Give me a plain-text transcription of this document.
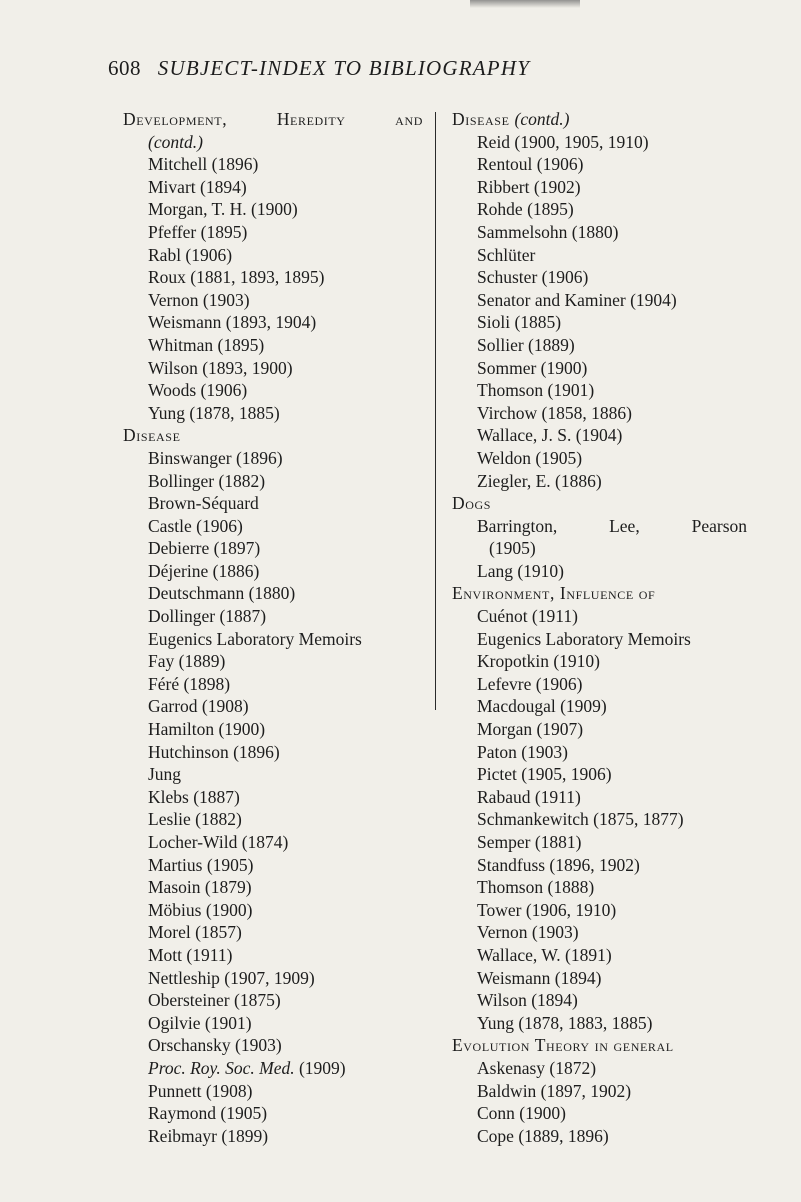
608 SUBJECT-INDEX TO BIBLIOGRAPHY
Development,	Heredity	and
(contd.)
Mitchell (1896)
Mivart (1894)
Morgan, T. H. (1900)
Pfeffer (1895)
Rabl (1906)
Roux (1881, 1893, 1895)
Vernon (1903)
Weismann (1893, 1904)
Whitman (1895)
Wilson (1893, 1900)
Woods (1906)
Yung (1878, 1885)
Disease
Binswanger (1896)
Bollinger (1882)
Brown-Séquard
Castle (1906)
Debierre (1897)
Déjerine (1886)
Deutschmann (1880)
Dollinger (1887)
Eugenics Laboratory Memoirs
Fay (1889)
Féré (1898)
Garrod (1908)
Hamilton (1900)
Hutchinson (1896)
Jung
Klebs (1887)
Leslie (1882)
Locher-Wild (1874)
Martius (1905)
Masoin (1879)
Möbius (1900)
Morel (1857)
Mott (1911)
Nettleship (1907, 1909)
Obersteiner (1875)
Ogilvie (1901)
Orschansky (1903)
Proc. Roy. Soc. Med. (1909)
Punnett (1908)
Raymond (1905)
Reibmayr (1899)
Disease (contd.)
Reid (1900, 1905, 1910)
Rentoul (1906)
Ribbert (1902)
Rohde (1895)
Sammelsohn (1880)
Schlüter
Schuster (1906)
Senator and Kaminer (1904)
Sioli (1885)
Sollier (1889)
Sommer (1900)
Thomson (1901)
Virchow (1858, 1886)
Wallace, J. S. (1904)
Weldon (1905)
Ziegler, E. (1886)
Dogs
Barrington,	Lee,	Pearson
(1905)
Lang (1910)
Environment, Influence of
Cuénot (1911)
Eugenics Laboratory Memoirs
Kropotkin (1910)
Lefevre (1906)
Macdougal (1909)
Morgan (1907)
Paton (1903)
Pictet (1905, 1906)
Rabaud (1911)
Schmankewitch (1875, 1877)
Semper (1881)
Standfuss (1896, 1902)
Thomson (1888)
Tower (1906, 1910)
Vernon (1903)
Wallace, W. (1891)
Weismann (1894)
Wilson (1894)
Yung (1878, 1883, 1885)
Evolution Theory in general
Askenasy (1872)
Baldwin (1897, 1902)
Conn (1900)
Cope (1889, 1896)
